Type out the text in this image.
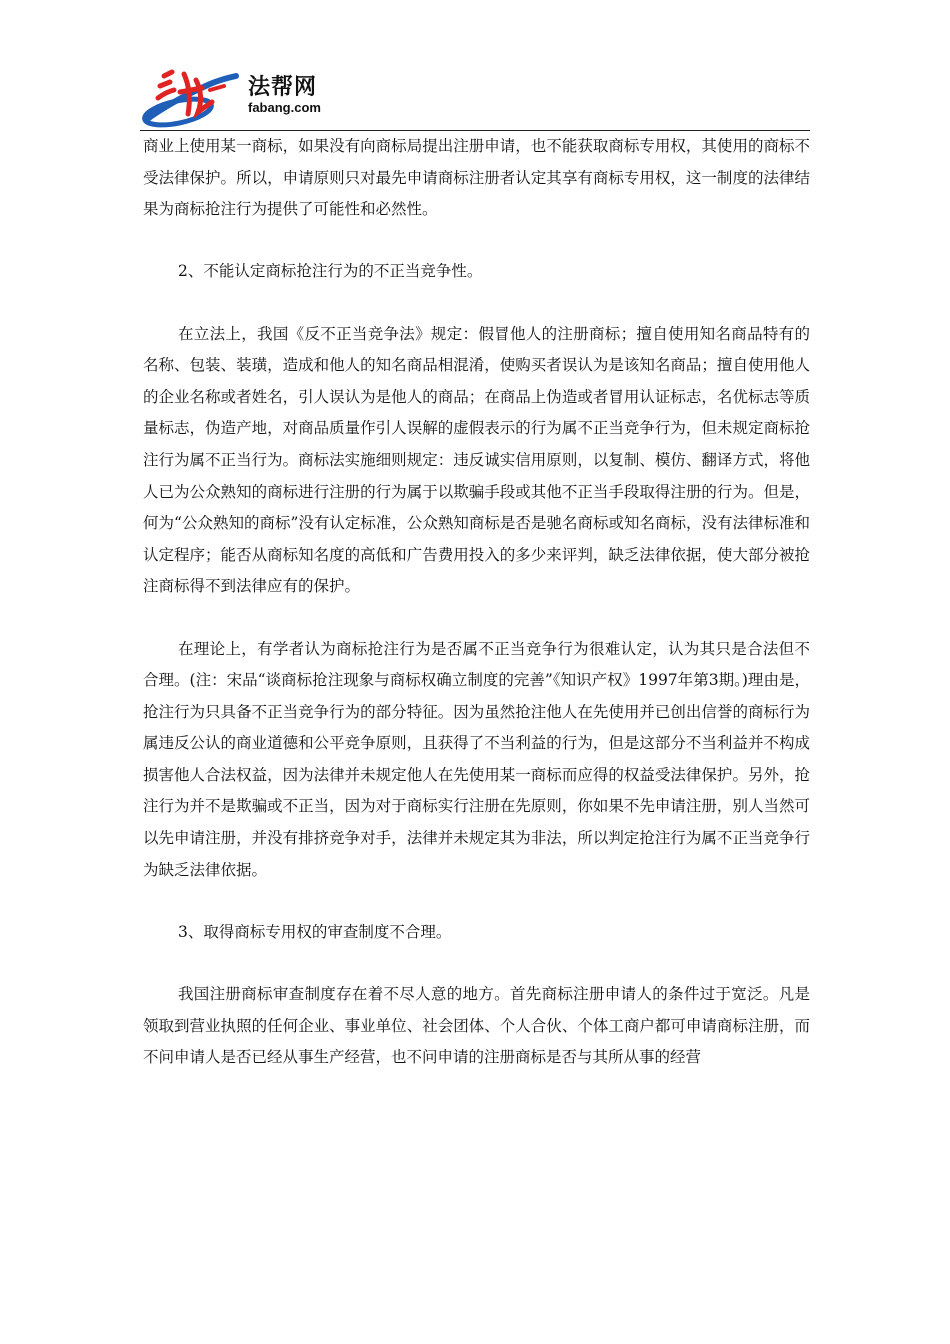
法帮网
fabang.com

商业上使用某一商标，如果没有向商标局提出注册申请，也不能获取商标专用权，其使用的商标不受法律保护。所以，申请原则只对最先申请商标注册者认定其享有商标专用权，这一制度的法律结果为商标抢注行为提供了可能性和必然性。

2、不能认定商标抢注行为的不正当竞争性。

在立法上，我国《反不正当竞争法》规定：假冒他人的注册商标；擅自使用知名商品特有的名称、包装、装璜，造成和他人的知名商品相混淆，使购买者误认为是该知名商品；擅自使用他人的企业名称或者姓名，引人误认为是他人的商品；在商品上伪造或者冒用认证标志，名优标志等质量标志，伪造产地，对商品质量作引人误解的虚假表示的行为属不正当竞争行为，但未规定商标抢注行为属不正当行为。商标法实施细则规定：违反诚实信用原则，以复制、模仿、翻译方式，将他人已为公众熟知的商标进行注册的行为属于以欺骗手段或其他不正当手段取得注册的行为。但是，何为“公众熟知的商标”没有认定标准，公众熟知商标是否是驰名商标或知名商标，没有法律标准和认定程序；能否从商标知名度的高低和广告费用投入的多少来评判，缺乏法律依据，使大部分被抢注商标得不到法律应有的保护。

在理论上，有学者认为商标抢注行为是否属不正当竞争行为很难认定，认为其只是合法但不合理。(注：宋品“谈商标抢注现象与商标权确立制度的完善”《知识产权》1997年第3期。)理由是，抢注行为只具备不正当竞争行为的部分特征。因为虽然抢注他人在先使用并已创出信誉的商标行为属违反公认的商业道德和公平竞争原则，且获得了不当利益的行为，但是这部分不当利益并不构成损害他人合法权益，因为法律并未规定他人在先使用某一商标而应得的权益受法律保护。另外，抢注行为并不是欺骗或不正当，因为对于商标实行注册在先原则，你如果不先申请注册，别人当然可以先申请注册，并没有排挤竞争对手，法律并未规定其为非法，所以判定抢注行为属不正当竞争行为缺乏法律依据。

3、取得商标专用权的审查制度不合理。

我国注册商标审查制度存在着不尽人意的地方。首先商标注册申请人的条件过于宽泛。凡是领取到营业执照的任何企业、事业单位、社会团体、个人合伙、个体工商户都可申请商标注册，而不问申请人是否已经从事生产经营，也不问申请的注册商标是否与其所从事的经营
